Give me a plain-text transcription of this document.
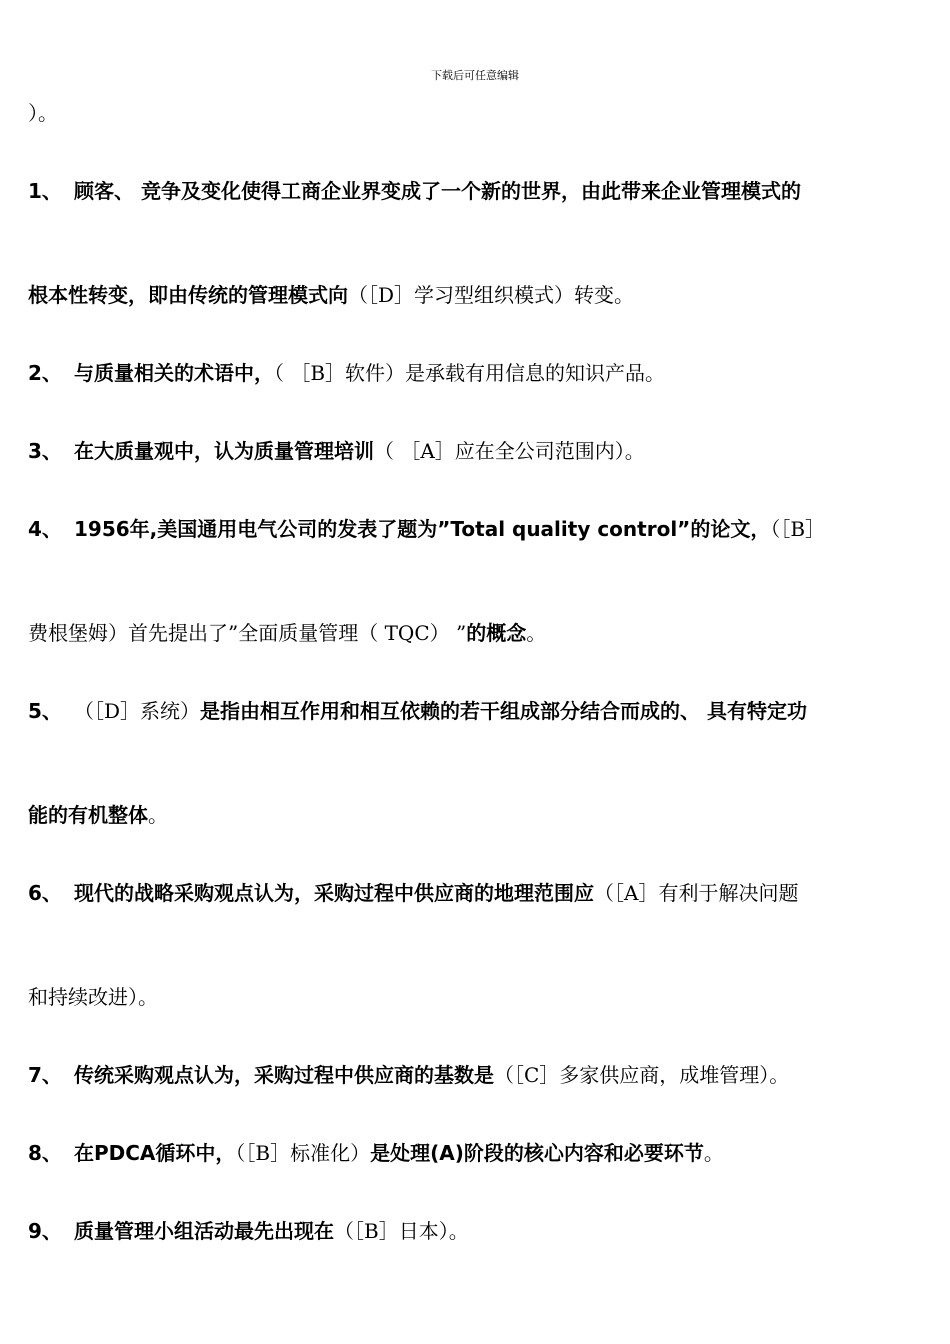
下载后可任意编辑
）。
1、 顾客、 竞争及变化使得工商企业界变成了一个新的世界，由此带来企业管理模式的
根本性转变，即由传统的管理模式向（［D］学习型组织模式）转变。
2、 与质量相关的术语中，（ ［B］软件）是承载有用信息的知识产品。
3、 在大质量观中，认为质量管理培训（ ［A］应在全公司范围内）。
4、 1956年,美国通用电气公司的发表了题为”Total quality control”的论文，（［B］
费根堡姆）首先提出了”全面质量管理（ TQC） ”的概念。
5、 （［D］系统）是指由相互作用和相互依赖的若干组成部分结合而成的、 具有特定功
能的有机整体。
6、 现代的战略采购观点认为，采购过程中供应商的地理范围应（［A］有利于解决问题
和持续改进）。
7、 传统采购观点认为，采购过程中供应商的基数是（［C］多家供应商，成堆管理）。
8、 在PDCA循环中，（［B］标准化）是处理(A)阶段的核心内容和必要环节。
9、 质量管理小组活动最先出现在（［B］日本）。
